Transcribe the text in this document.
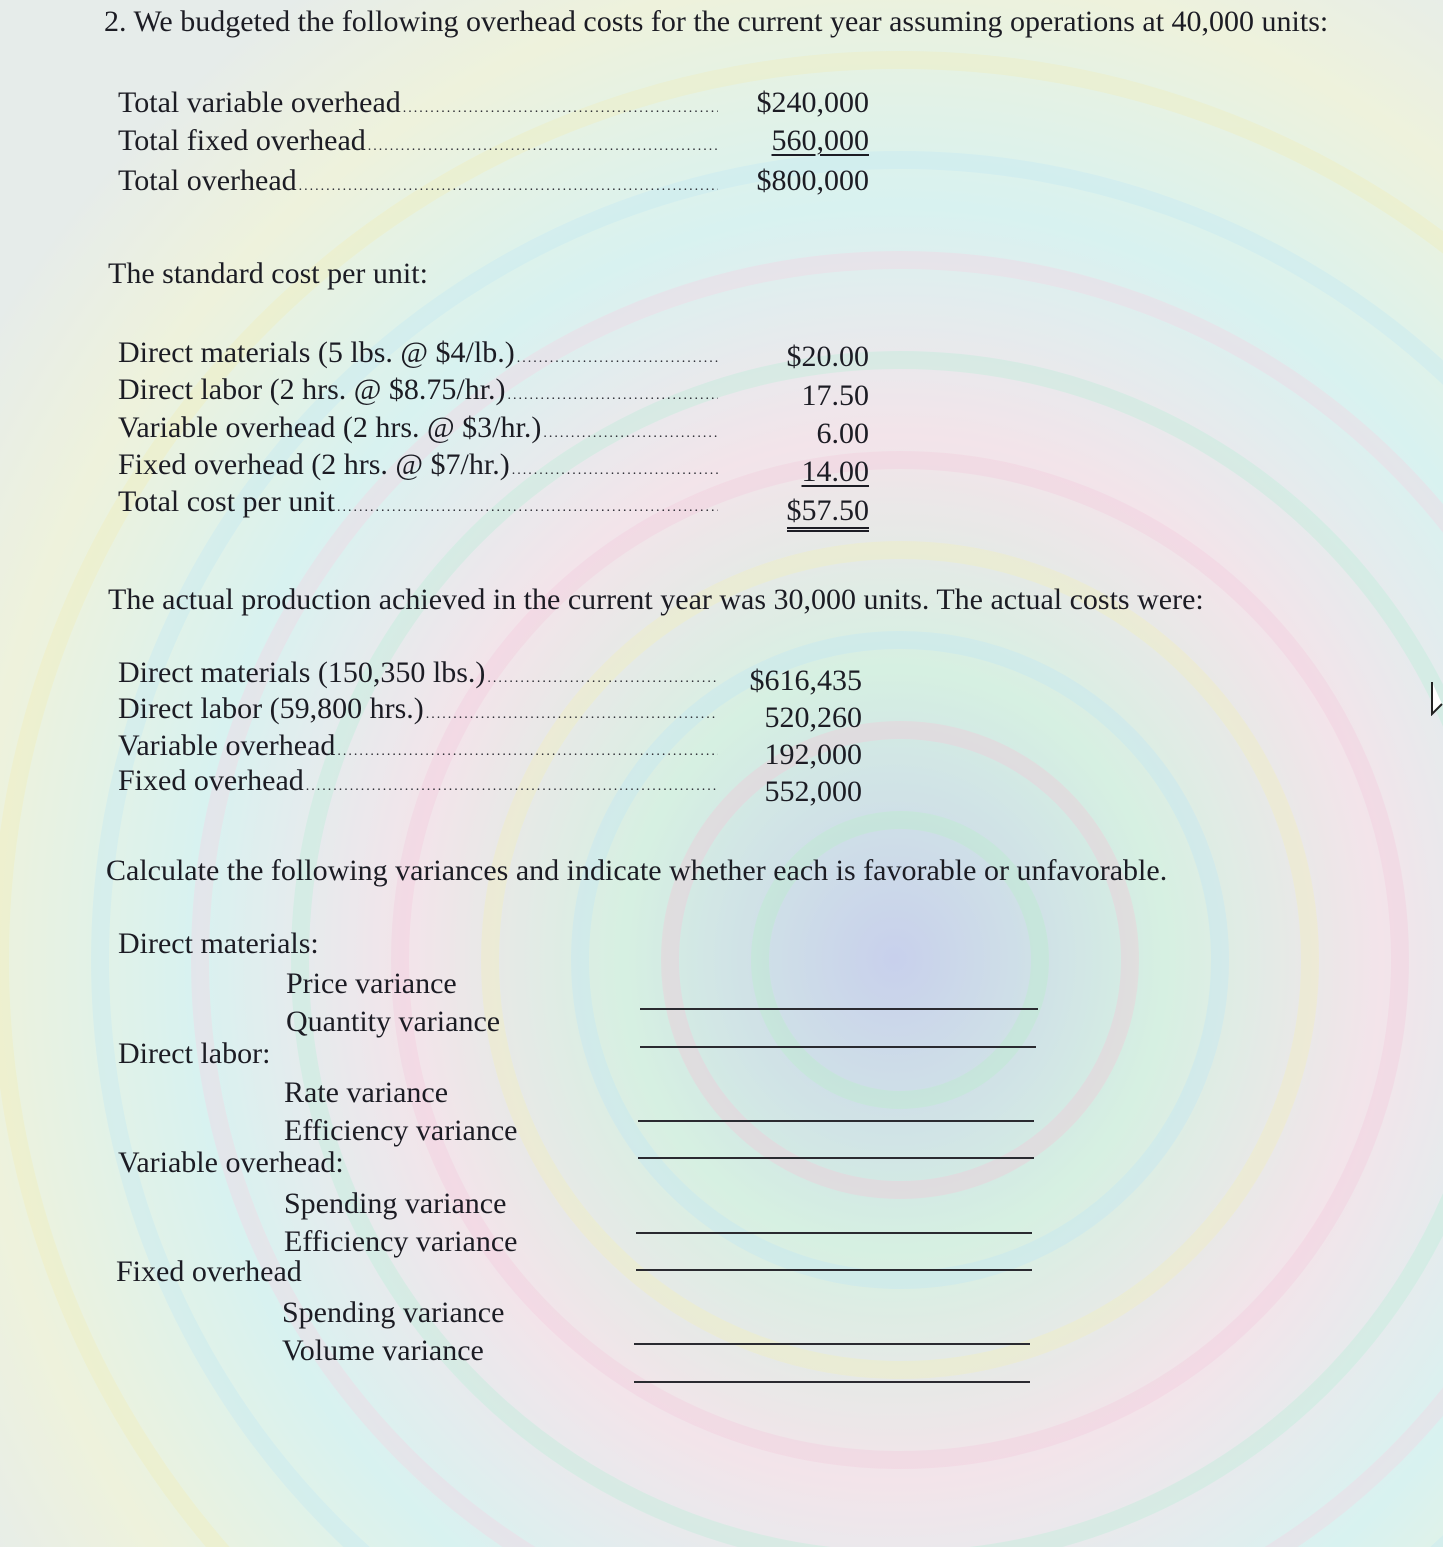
2. We budgeted the following overhead costs for the current year assuming operations at 40,000 units:
Total variable overhead .....	$240,000
Total fixed overhead .....	560,000
Total overhead .....	$800,000
The standard cost per unit:
Direct materials (5 lbs. @ $4/lb.) .....	$20.00
Direct labor (2 hrs. @ $8.75/hr.) .....	17.50
Variable overhead (2 hrs. @ $3/hr.) .....	6.00
Fixed overhead (2 hrs. @ $7/hr.) .....	14.00
Total cost per unit .....	$57.50
The actual production achieved in the current year was 30,000 units. The actual costs were:
Direct materials (150,350 lbs.) .....	$616,435
Direct labor (59,800 hrs.) .....	520,260
Variable overhead .....	192,000
Fixed overhead .....	552,000
Calculate the following variances and indicate whether each is favorable or unfavorable.
Direct materials:
Price variance
Quantity variance
Direct labor:
Rate variance
Efficiency variance
Variable overhead:
Spending variance
Efficiency variance
Fixed overhead
Spending variance
Volume variance
